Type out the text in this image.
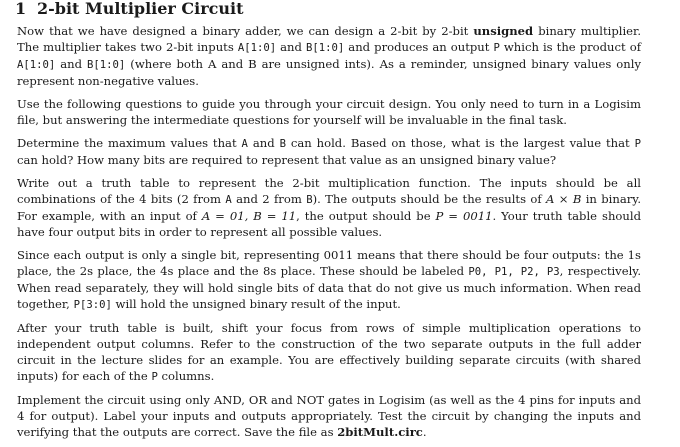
1 2-bit Multiplier Circuit

Now that we have designed a binary adder, we can design a 2-bit by 2-bit unsigned binary multiplier. The multiplier takes two 2-bit inputs A[1:0] and B[1:0] and produces an output P which is the product of A[1:0] and B[1:0] (where both A and B are unsigned ints). As a reminder, unsigned binary values only represent non-negative values.

Use the following questions to guide you through your circuit design. You only need to turn in a Logisim file, but answering the intermediate questions for yourself will be invaluable in the final task.

Determine the maximum values that A and B can hold. Based on those, what is the largest value that P can hold? How many bits are required to represent that value as an unsigned binary value?

Write out a truth table to represent the 2-bit multiplication function. The inputs should be all combinations of the 4 bits (2 from A and 2 from B). The outputs should be the results of A × B in binary. For example, with an input of A = 01, B = 11, the output should be P = 0011. Your truth table should have four output bits in order to represent all possible values.

Since each output is only a single bit, representing 0011 means that there should be four outputs: the 1s place, the 2s place, the 4s place and the 8s place. These should be labeled P0, P1, P2, P3, respectively. When read separately, they will hold single bits of data that do not give us much information. When read together, P[3:0] will hold the unsigned binary result of the input.

After your truth table is built, shift your focus from rows of simple multiplication operations to independent output columns. Refer to the construction of the two separate outputs in the full adder circuit in the lecture slides for an example. You are effectively building separate circuits (with shared inputs) for each of the P columns.

Implement the circuit using only AND, OR and NOT gates in Logisim (as well as the 4 pins for inputs and 4 for output). Label your inputs and outputs appropriately. Test the circuit by changing the inputs and verifying that the outputs are correct. Save the file as 2bitMult.circ.
